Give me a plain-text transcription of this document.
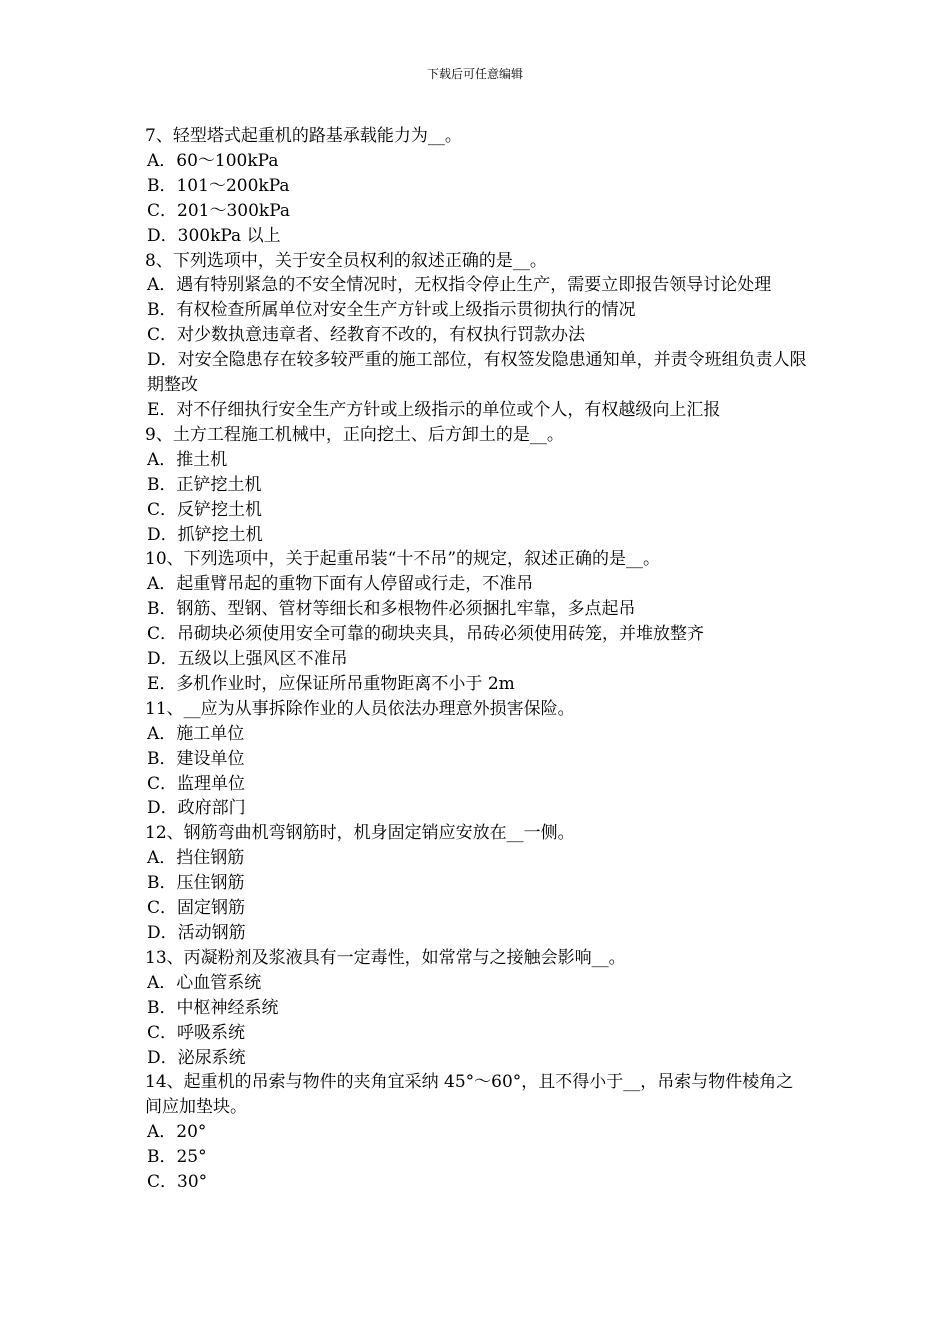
下载后可任意编辑

7、轻型塔式起重机的路基承载能力为__。

A．60～100kPa

B．101～200kPa

C．201～300kPa

D．300kPa 以上

8、下列选项中，关于安全员权利的叙述正确的是__。

A．遇有特别紧急的不安全情况时，无权指令停止生产，需要立即报告领导讨论处理

B．有权检查所属单位对安全生产方针或上级指示贯彻执行的情况

C．对少数执意违章者、经教育不改的，有权执行罚款办法

D．对安全隐患存在较多较严重的施工部位，有权签发隐患通知单，并责令班组负责人限期整改

E．对不仔细执行安全生产方针或上级指示的单位或个人，有权越级向上汇报

9、土方工程施工机械中，正向挖土、后方卸土的是__。

A．推土机

B．正铲挖土机

C．反铲挖土机

D．抓铲挖土机

10、下列选项中，关于起重吊装“十不吊”的规定，叙述正确的是__。

A．起重臂吊起的重物下面有人停留或行走，不准吊

B．钢筋、型钢、管材等细长和多根物件必须捆扎牢靠，多点起吊

C．吊砌块必须使用安全可靠的砌块夹具，吊砖必须使用砖笼，并堆放整齐

D．五级以上强风区不准吊

E．多机作业时，应保证所吊重物距离不小于 2m

11、__应为从事拆除作业的人员依法办理意外损害保险。

A．施工单位

B．建设单位

C．监理单位

D．政府部门

12、钢筋弯曲机弯钢筋时，机身固定销应安放在__一侧。

A．挡住钢筋

B．压住钢筋

C．固定钢筋

D．活动钢筋

13、丙凝粉剂及浆液具有一定毒性，如常常与之接触会影响__。

A．心血管系统

B．中枢神经系统

C．呼吸系统

D．泌尿系统

14、起重机的吊索与物件的夹角宜采纳 45°～60°，且不得小于__，吊索与物件棱角之间应加垫块。

A．20°

B．25°

C．30°
